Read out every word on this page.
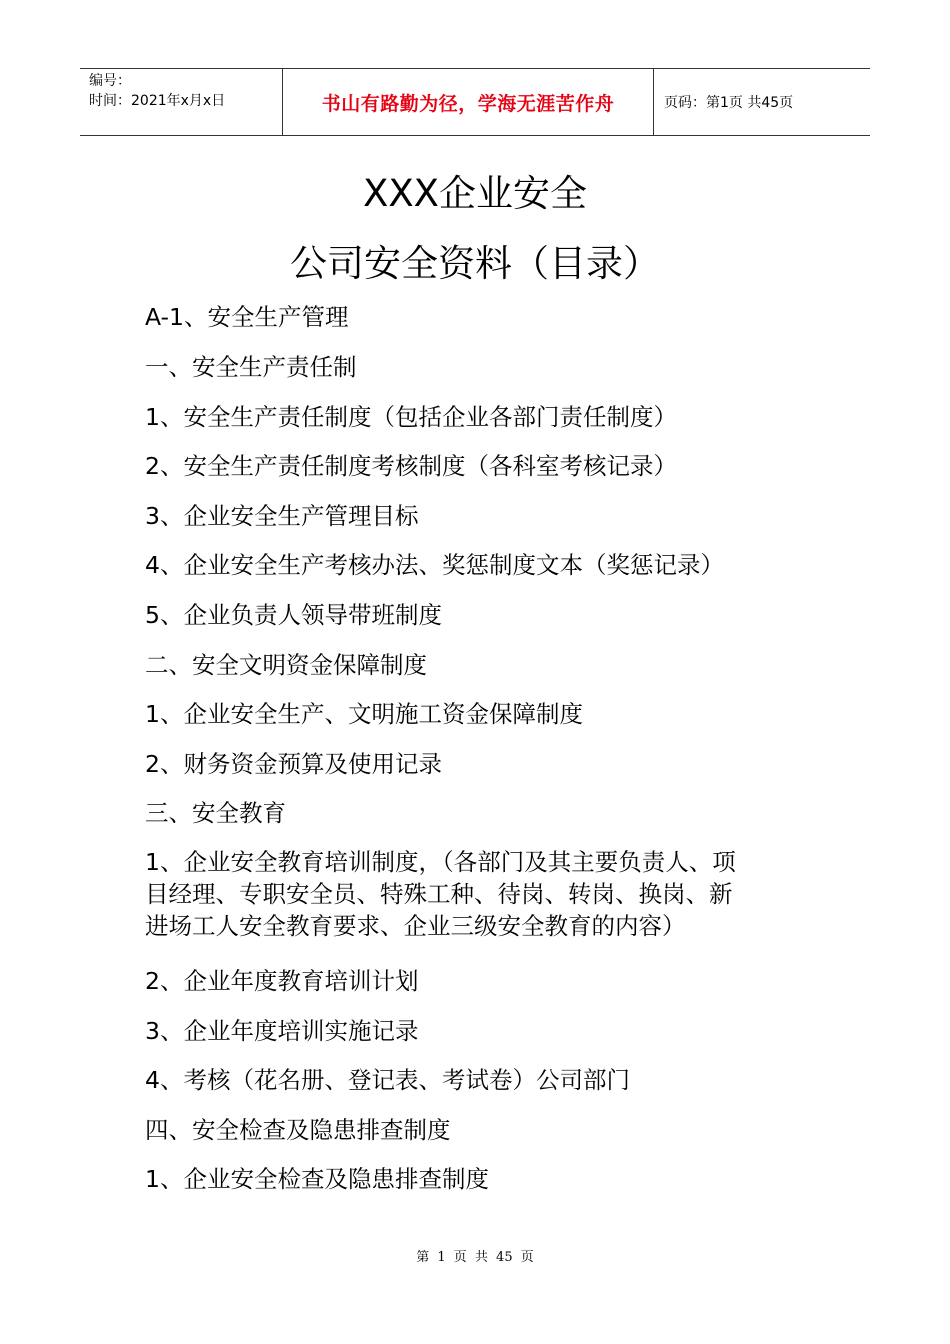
编号：
时间：2021年x月x日	书山有路勤为径，学海无涯苦作舟	页码：第1页 共45页
XXX企业安全
公司安全资料（目录）
A-1、安全生产管理
一、安全生产责任制
1、安全生产责任制度（包括企业各部门责任制度）
2、安全生产责任制度考核制度（各科室考核记录）
3、企业安全生产管理目标
4、企业安全生产考核办法、奖惩制度文本（奖惩记录）
5、企业负责人领导带班制度
二、安全文明资金保障制度
1、企业安全生产、文明施工资金保障制度
2、财务资金预算及使用记录
三、安全教育
1、企业安全教育培训制度，（各部门及其主要负责人、项
目经理、专职安全员、特殊工种、待岗、转岗、换岗、新
进场工人安全教育要求、企业三级安全教育的内容）
2、企业年度教育培训计划
3、企业年度培训实施记录
4、考核（花名册、登记表、考试卷）公司部门
四、安全检查及隐患排查制度
1、企业安全检查及隐患排查制度
第 1 页 共 45 页
